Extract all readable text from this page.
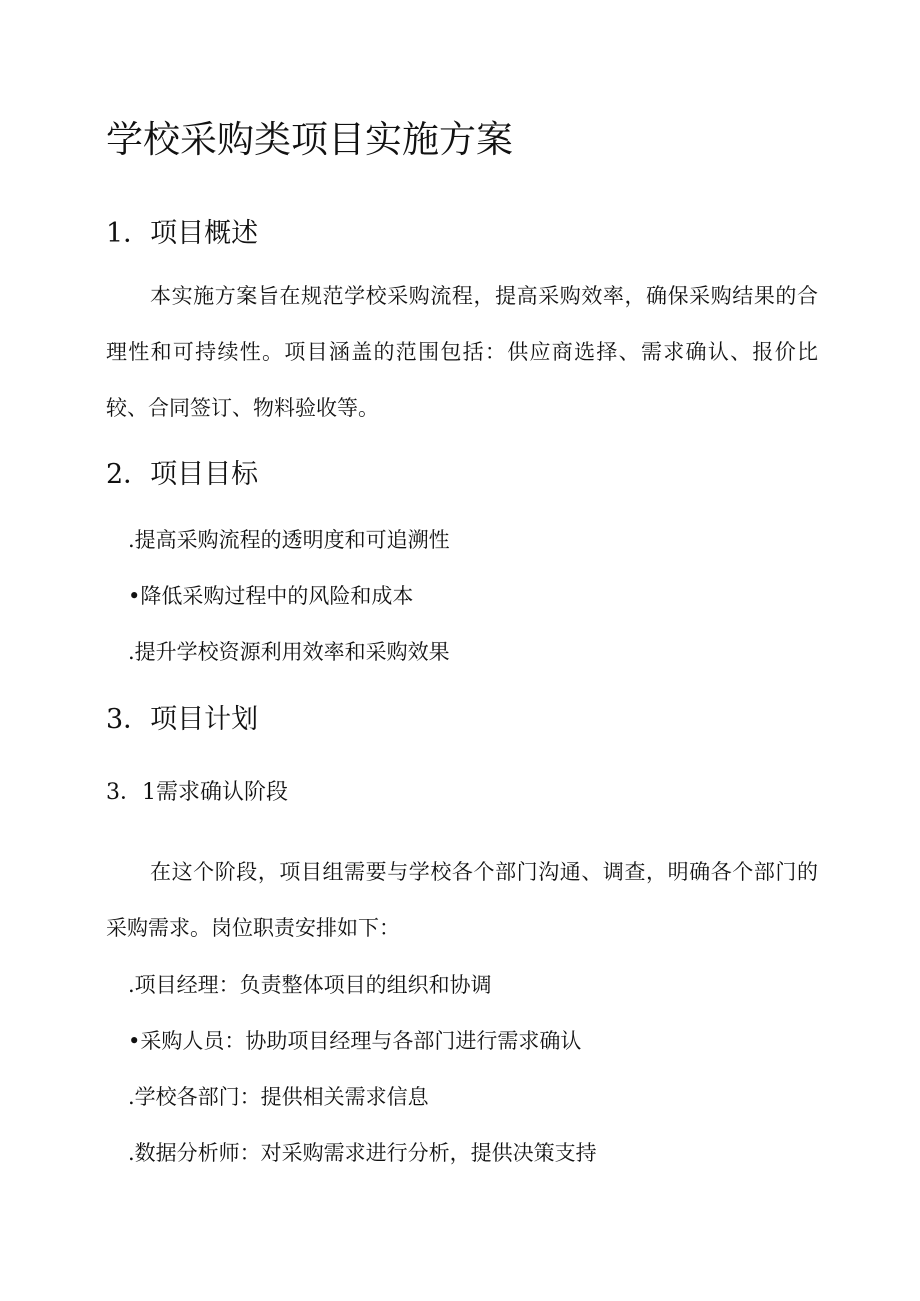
学校采购类项目实施方案
1．项目概述

本实施方案旨在规范学校采购流程，提高采购效率，确保采购结果的合理性和可持续性。项目涵盖的范围包括：供应商选择、需求确认、报价比较、合同签订、物料验收等。

2．项目目标

.提高采购流程的透明度和可追溯性

•降低采购过程中的风险和成本

.提升学校资源利用效率和采购效果

3．项目计划
3．1需求确认阶段

在这个阶段，项目组需要与学校各个部门沟通、调查，明确各个部门的采购需求。岗位职责安排如下：

.项目经理：负责整体项目的组织和协调

•采购人员：协助项目经理与各部门进行需求确认

.学校各部门：提供相关需求信息

.数据分析师：对采购需求进行分析，提供决策支持
